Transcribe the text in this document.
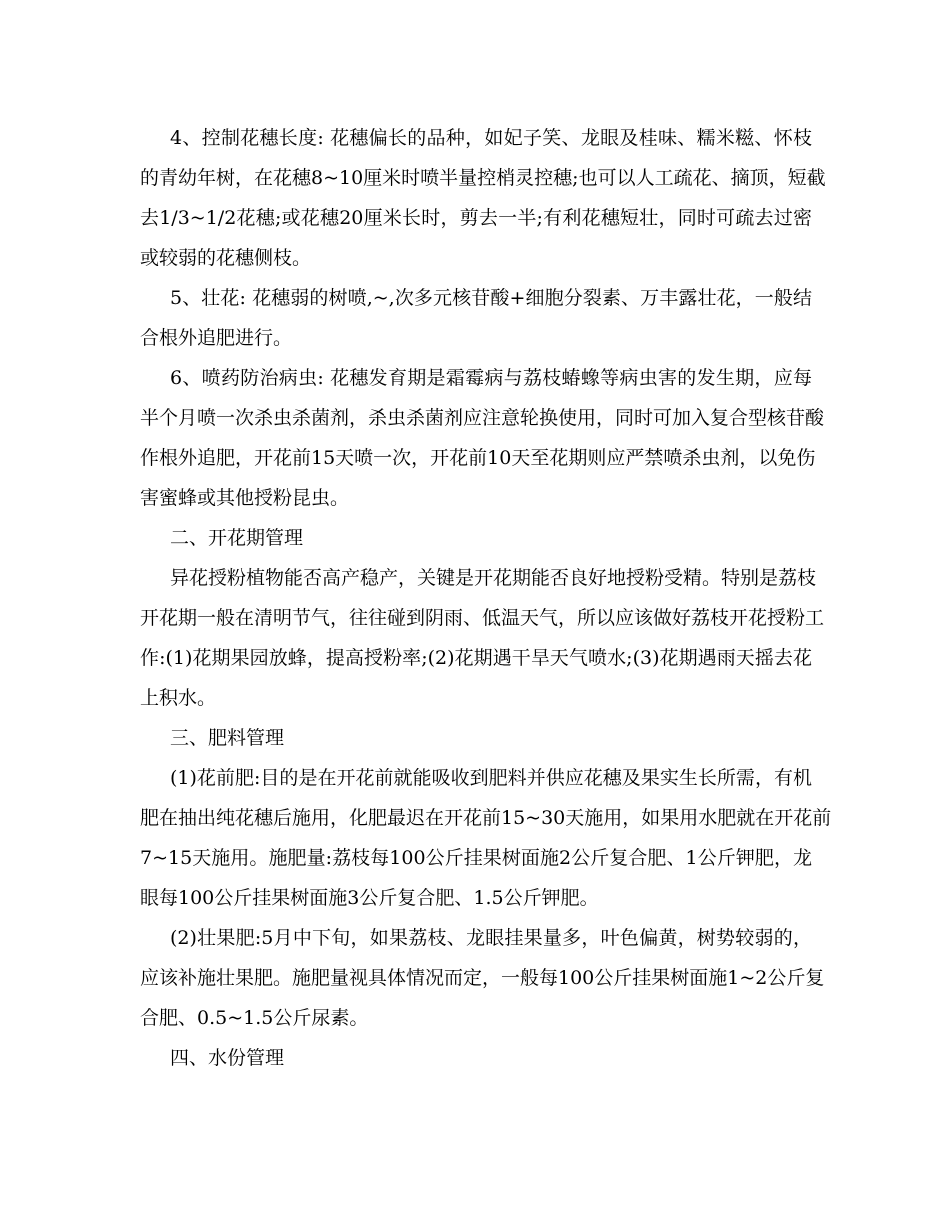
4、控制花穗长度: 花穗偏长的品种，如妃子笑、龙眼及桂味、糯米糍、怀枝
的青幼年树，在花穗8~10厘米时喷半量控梢灵控穗;也可以人工疏花、摘顶，短截
去1/3~1/2花穗;或花穗20厘米长时，剪去一半;有利花穗短壮，同时可疏去过密
或较弱的花穗侧枝。
5、壮花: 花穗弱的树喷,~,次多元核苷酸+细胞分裂素、万丰露壮花，一般结
合根外追肥进行。
6、喷药防治病虫: 花穗发育期是霜霉病与荔枝蝽蟓等病虫害的发生期，应每
半个月喷一次杀虫杀菌剂，杀虫杀菌剂应注意轮换使用，同时可加入复合型核苷酸
作根外追肥，开花前15天喷一次，开花前10天至花期则应严禁喷杀虫剂，以免伤
害蜜蜂或其他授粉昆虫。
二、开花期管理
异花授粉植物能否高产稳产，关键是开花期能否良好地授粉受精。特别是荔枝
开花期一般在清明节气，往往碰到阴雨、低温天气，所以应该做好荔枝开花授粉工
作:(1)花期果园放蜂，提高授粉率;(2)花期遇干旱天气喷水;(3)花期遇雨天摇去花
上积水。
三、肥料管理
(1)花前肥:目的是在开花前就能吸收到肥料并供应花穗及果实生长所需，有机
肥在抽出纯花穗后施用，化肥最迟在开花前15~30天施用，如果用水肥就在开花前
7~15天施用。施肥量:荔枝每100公斤挂果树面施2公斤复合肥、1公斤钾肥，龙
眼每100公斤挂果树面施3公斤复合肥、1.5公斤钾肥。
(2)壮果肥:5月中下旬，如果荔枝、龙眼挂果量多，叶色偏黄，树势较弱的，
应该补施壮果肥。施肥量视具体情况而定，一般每100公斤挂果树面施1~2公斤复
合肥、0.5~1.5公斤尿素。
四、水份管理
